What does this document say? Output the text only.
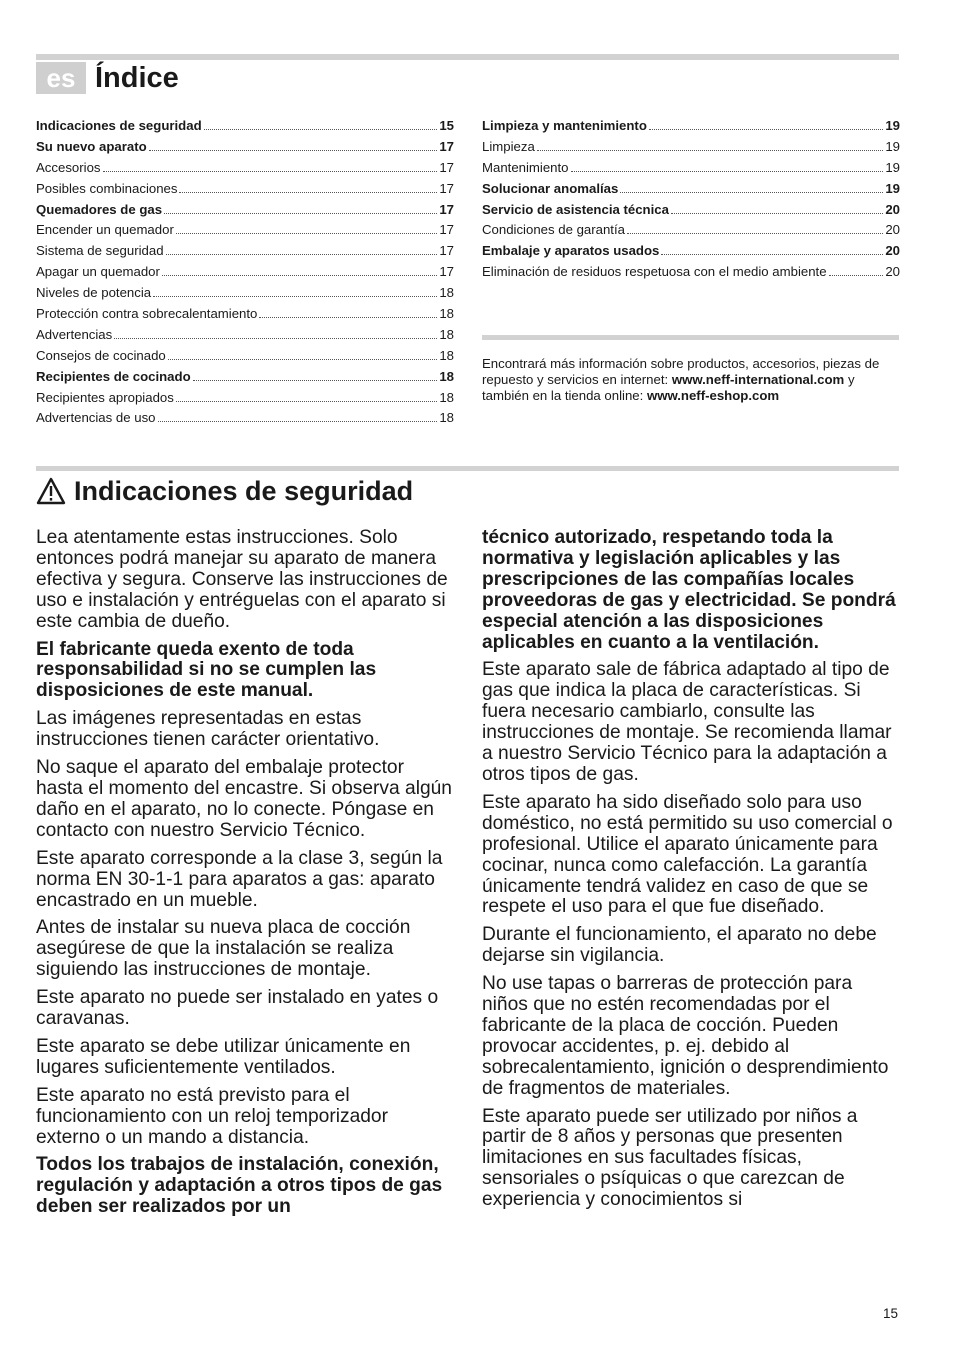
es Índice
Indicaciones de seguridad	15
Su nuevo aparato	17
Accesorios	17
Posibles combinaciones	17
Quemadores de gas	17
Encender un quemador	17
Sistema de seguridad	17
Apagar un quemador	17
Niveles de potencia	18
Protección contra sobrecalentamiento	18
Advertencias	18
Consejos de cocinado	18
Recipientes de cocinado	18
Recipientes apropiados	18
Advertencias de uso	18
Limpieza y mantenimiento	19
Limpieza	19
Mantenimiento	19
Solucionar anomalías	19
Servicio de asistencia técnica	20
Condiciones de garantía	20
Embalaje y aparatos usados	20
Eliminación de residuos respetuosa con el medio ambiente	20

Encontrará más información sobre productos, accesorios, piezas de repuesto y servicios en internet: www.neff-international.com y también en la tienda online: www.neff-eshop.com

Indicaciones de seguridad

Lea atentamente estas instrucciones. Solo entonces podrá manejar su aparato de manera efectiva y segura. Conserve las instrucciones de uso e instalación y entréguelas con el aparato si este cambia de dueño.

El fabricante queda exento de toda responsabilidad si no se cumplen las disposiciones de este manual.

Las imágenes representadas en estas instrucciones tienen carácter orientativo.

No saque el aparato del embalaje protector hasta el momento del encastre. Si observa algún daño en el aparato, no lo conecte. Póngase en contacto con nuestro Servicio Técnico.

Este aparato corresponde a la clase 3, según la norma EN 30-1-1 para aparatos a gas: aparato encastrado en un mueble.

Antes de instalar su nueva placa de cocción asegúrese de que la instalación se realiza siguiendo las instrucciones de montaje.

Este aparato no puede ser instalado en yates o caravanas.

Este aparato se debe utilizar únicamente en lugares suficientemente ventilados.

Este aparato no está previsto para el funcionamiento con un reloj temporizador externo o un mando a distancia.

Todos los trabajos de instalación, conexión, regulación y adaptación a otros tipos de gas deben ser realizados por un

técnico autorizado, respetando toda la normativa y legislación aplicables y las prescripciones de las compañías locales proveedoras de gas y electricidad. Se pondrá especial atención a las disposiciones aplicables en cuanto a la ventilación.

Este aparato sale de fábrica adaptado al tipo de gas que indica la placa de características. Si fuera necesario cambiarlo, consulte las instrucciones de montaje. Se recomienda llamar a nuestro Servicio Técnico para la adaptación a otros tipos de gas.

Este aparato ha sido diseñado solo para uso doméstico, no está permitido su uso comercial o profesional. Utilice el aparato únicamente para cocinar, nunca como calefacción. La garantía únicamente tendrá validez en caso de que se respete el uso para el que fue diseñado.

Durante el funcionamiento, el aparato no debe dejarse sin vigilancia.

No use tapas o barreras de protección para niños que no estén recomendadas por el fabricante de la placa de cocción. Pueden provocar accidentes, p. ej. debido al sobrecalentamiento, ignición o desprendimiento de fragmentos de materiales.

Este aparato puede ser utilizado por niños a partir de 8 años y personas que presenten limitaciones en sus facultades físicas, sensoriales o psíquicas o que carezcan de experiencia y conocimientos si

15
